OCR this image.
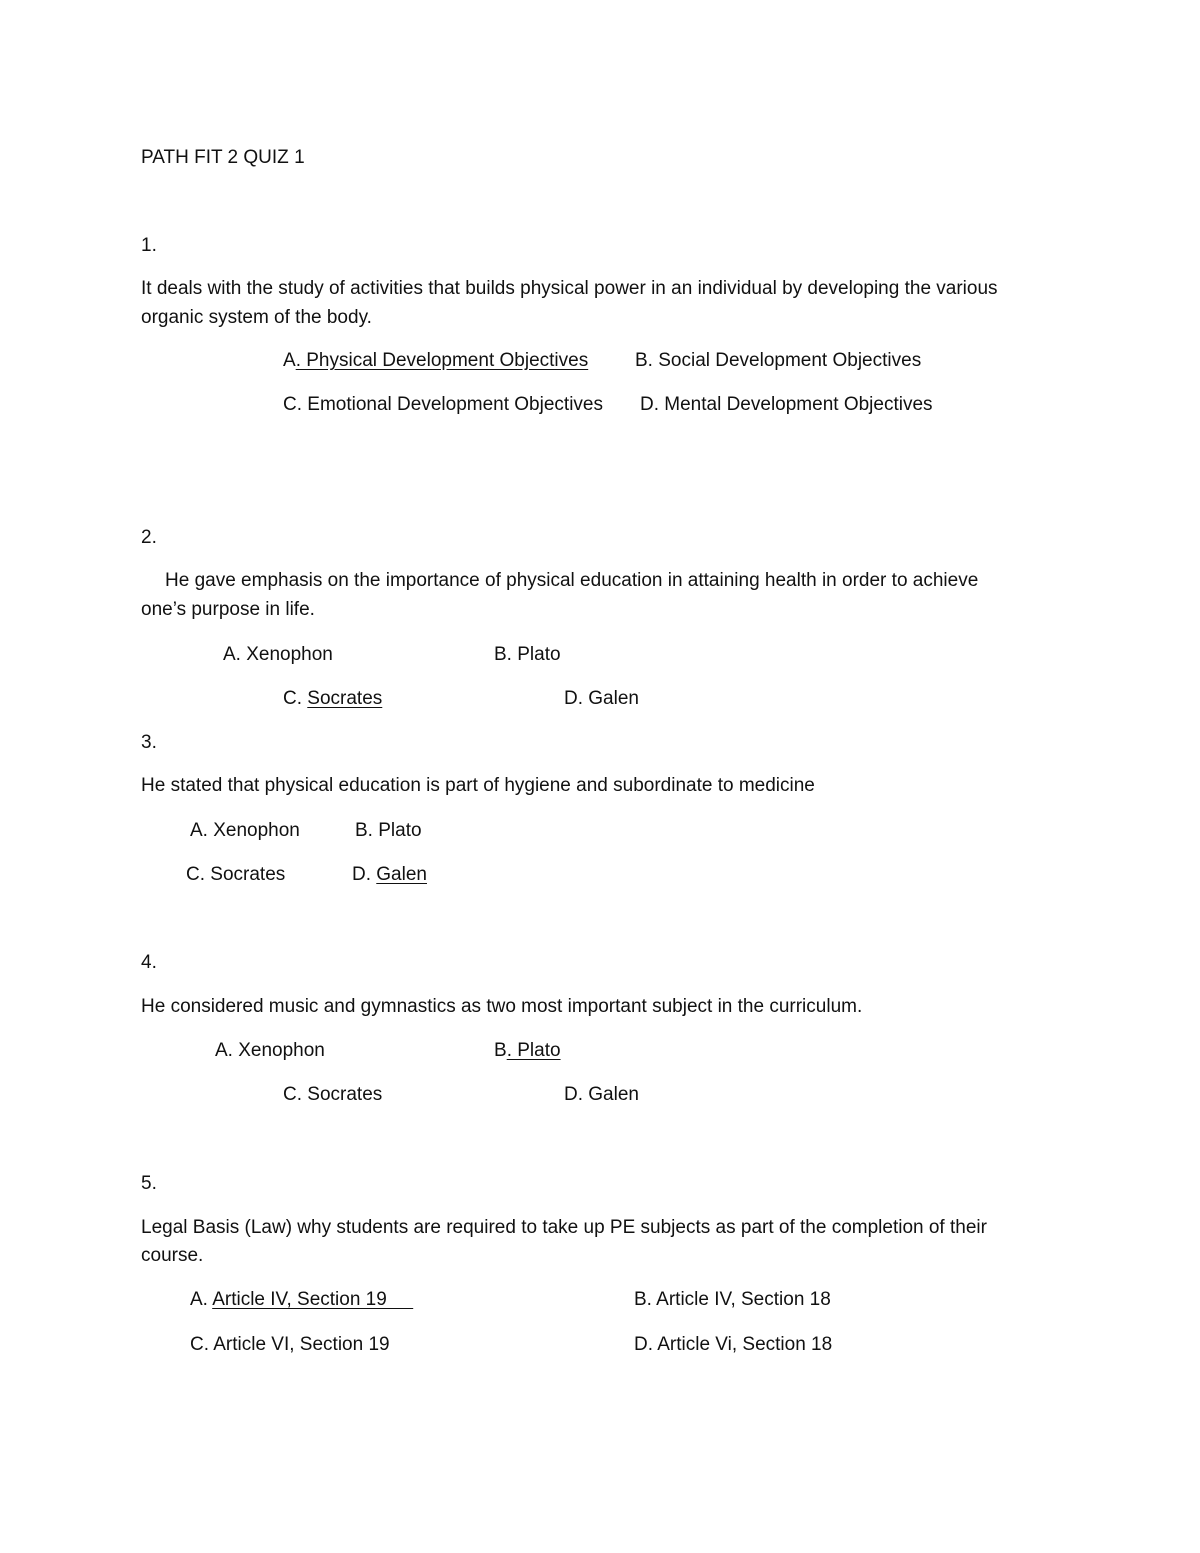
PATH FIT 2 QUIZ 1
1.
It deals with the study of activities that builds physical power in an individual by developing the various
organic system of the body.
A. Physical Development Objectives B. Social Development Objectives
C. Emotional Development Objectives D. Mental Development Objectives
2.
He gave emphasis on the importance of physical education in attaining health in order to achieve
one’s purpose in life.
A. Xenophon	B. Plato
C. Socrates	D. Galen
3.
He stated that physical education is part of hygiene and subordinate to medicine
A. Xenophon	B. Plato
C. Socrates	D. Galen
4.
He considered music and gymnastics as two most important subject in the curriculum.
A. Xenophon	B. Plato
C. Socrates	D. Galen
5.
Legal Basis (Law) why students are required to take up PE subjects as part of the completion of their
course.
A. Article IV, Section 19	B. Article IV, Section 18
C. Article VI, Section 19	D. Article Vi, Section 18
